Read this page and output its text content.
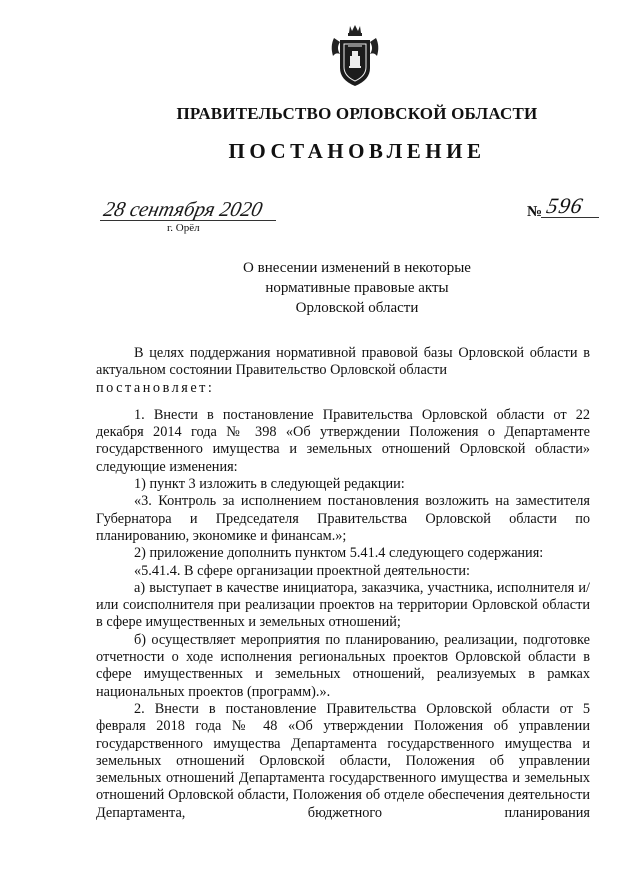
ПРАВИТЕЛЬСТВО ОРЛОВСКОЙ ОБЛАСТИ
ПОСТАНОВЛЕНИЕ
28 сентября 2020
г. Орёл
№ 596
О внесении изменений в некоторые
нормативные правовые акты
Орловской области

В целях поддержания нормативной правовой базы Орловской области в актуальном состоянии Правительство Орловской области

постановляет:

1. Внести в постановление Правительства Орловской области от 22 декабря 2014 года № 398 «Об утверждении Положения о Департаменте государственного имущества и земельных отношений Орловской области» следующие изменения:

1) пункт 3 изложить в следующей редакции:

«3. Контроль за исполнением постановления возложить на заместителя Губернатора и Председателя Правительства Орловской области по планированию, экономике и финансам.»;

2) приложение дополнить пунктом 5.41.4 следующего содержания:

«5.41.4. В сфере организации проектной деятельности:

а) выступает в качестве инициатора, заказчика, участника, исполнителя и/или соисполнителя при реализации проектов на территории Орловской области в сфере имущественных и земельных отношений;

б) осуществляет мероприятия по планированию, реализации, подготовке отчетности о ходе исполнения региональных проектов Орловской области в сфере имущественных и земельных отношений, реализуемых в рамках национальных проектов (программ).».

2. Внести в постановление Правительства Орловской области от 5 февраля 2018 года № 48 «Об утверждении Положения об управлении государственного имущества Департамента государственного имущества и земельных отношений Орловской области, Положения об управлении земельных отношений Департамента государственного имущества и земельных отношений Орловской области, Положения об отделе обеспечения деятельности Департамента, бюджетного планирования
